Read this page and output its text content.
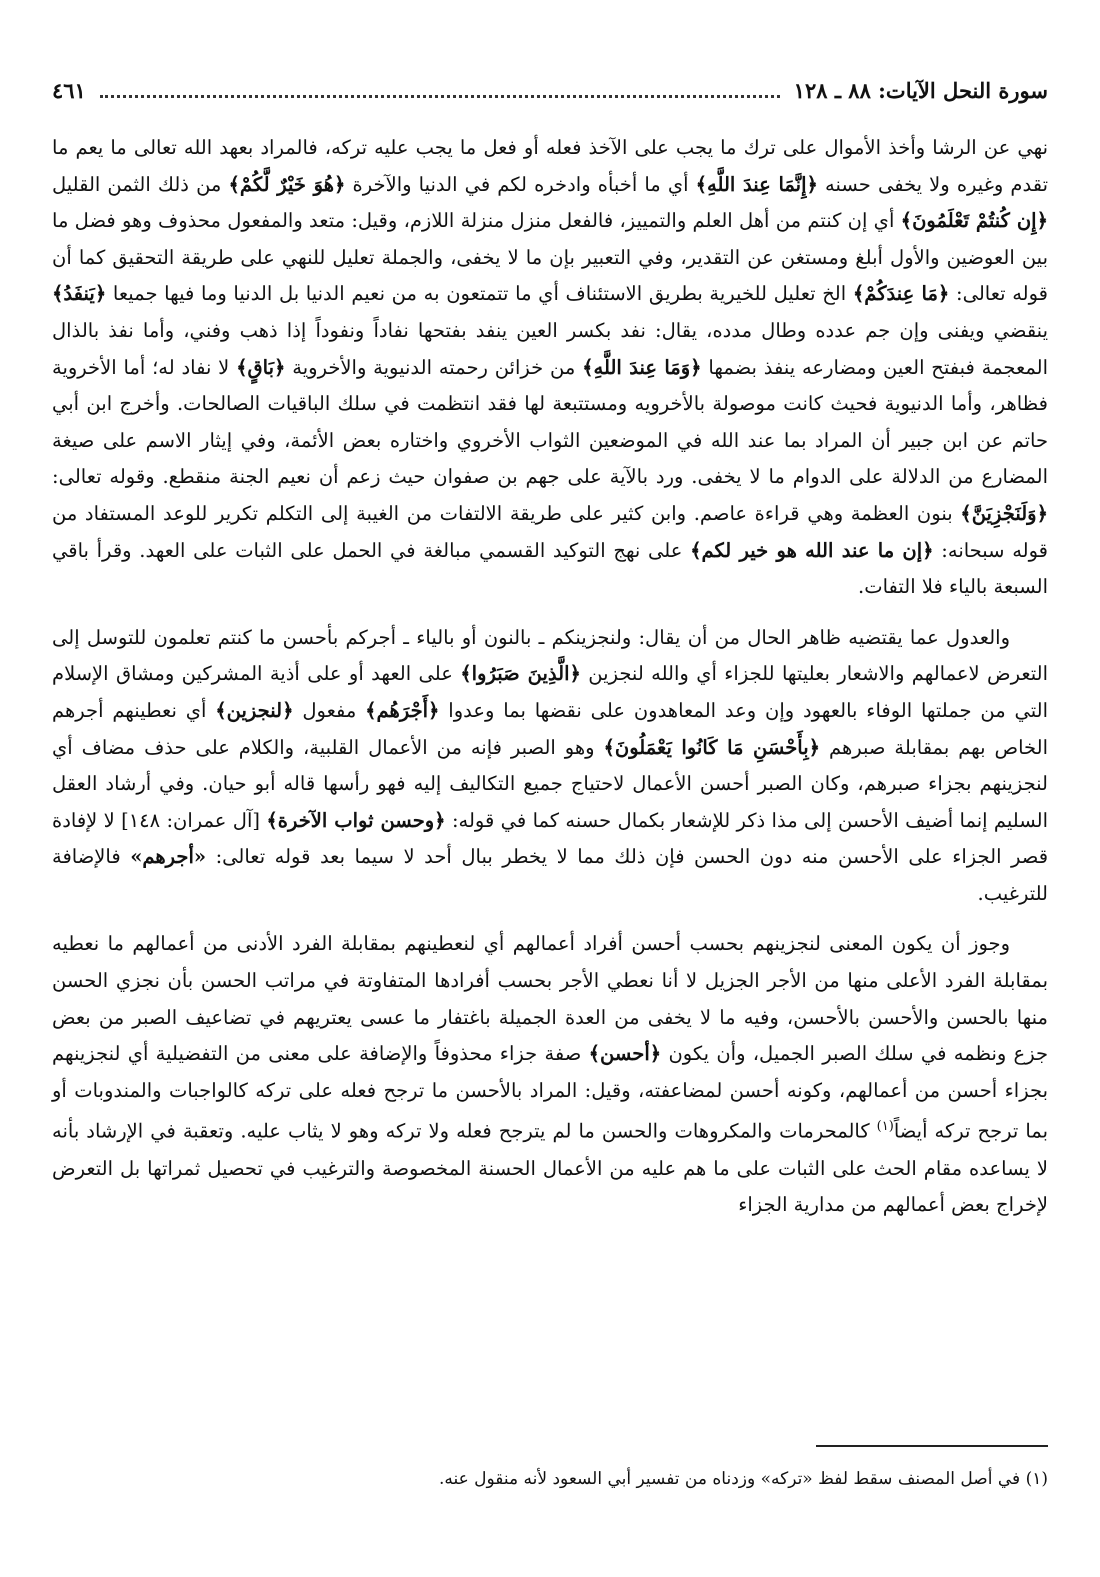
سورة النحل الآيات: ٨٨ ـ ١٢٨
٤٦١

نهي عن الرشا وأخذ الأموال على ترك ما يجب على الآخذ فعله أو فعل ما يجب عليه تركه، فالمراد بعهد الله تعالى ما يعم ما تقدم وغيره ولا يخفى حسنه ﴿إِنَّمَا عِندَ اللَّهِ﴾ أي ما أخبأه وادخره لكم في الدنيا والآخرة ﴿هُوَ خَيْرٌ لَّكُمْ﴾ من ذلك الثمن القليل ﴿إِن كُنتُمْ تَعْلَمُونَ﴾ أي إن كنتم من أهل العلم والتمييز، فالفعل منزل منزلة اللازم، وقيل: متعد والمفعول محذوف وهو فضل ما بين العوضين والأول أبلغ ومستغن عن التقدير، وفي التعبير بإن ما لا يخفى، والجملة تعليل للنهي على طريقة التحقيق كما أن قوله تعالى: ﴿مَا عِندَكُمْ﴾ الخ تعليل للخيرية بطريق الاستئناف أي ما تتمتعون به من نعيم الدنيا بل الدنيا وما فيها جميعا ﴿يَنفَدُ﴾ ينقضي ويفنى وإن جم عدده وطال مدده، يقال: نفد بكسر العين ينفد بفتحها نفاداً ونفوداً إذا ذهب وفني، وأما نفذ بالذال المعجمة فبفتح العين ومضارعه ينفذ بضمها ﴿وَمَا عِندَ اللَّهِ﴾ من خزائن رحمته الدنيوية والأخروية ﴿بَاقٍ﴾ لا نفاد له؛ أما الأخروية فظاهر، وأما الدنيوية فحيث كانت موصولة بالأخرويه ومستتبعة لها فقد انتظمت في سلك الباقيات الصالحات. وأخرج ابن أبي حاتم عن ابن جبير أن المراد بما عند الله في الموضعين الثواب الأخروي واختاره بعض الأئمة، وفي إيثار الاسم على صيغة المضارع من الدلالة على الدوام ما لا يخفى. ورد بالآية على جهم بن صفوان حيث زعم أن نعيم الجنة منقطع. وقوله تعالى: ﴿وَلَنَجْزِيَنَّ﴾ بنون العظمة وهي قراءة عاصم. وابن كثير على طريقة الالتفات من الغيبة إلى التكلم تكرير للوعد المستفاد من قوله سبحانه: ﴿إن ما عند الله هو خير لكم﴾ على نهج التوكيد القسمي مبالغة في الحمل على الثبات على العهد. وقرأ باقي السبعة بالياء فلا التفات.

والعدول عما يقتضيه ظاهر الحال من أن يقال: ولنجزينكم ـ بالنون أو بالياء ـ أجركم بأحسن ما كنتم تعلمون للتوسل إلى التعرض لاعمالهم والاشعار بعليتها للجزاء أي والله لنجزين ﴿الَّذِينَ صَبَرُوا﴾ على العهد أو على أذية المشركين ومشاق الإسلام التي من جملتها الوفاء بالعهود وإن وعد المعاهدون على نقضها بما وعدوا ﴿أَجْرَهُم﴾ مفعول ﴿لنجزين﴾ أي نعطينهم أجرهم الخاص بهم بمقابلة صبرهم ﴿بِأَحْسَنِ مَا كَانُوا يَعْمَلُونَ﴾ وهو الصبر فإنه من الأعمال القلبية، والكلام على حذف مضاف أي لنجزينهم بجزاء صبرهم، وكان الصبر أحسن الأعمال لاحتياج جميع التكاليف إليه فهو رأسها قاله أبو حيان. وفي أرشاد العقل السليم إنما أضيف الأحسن إلى مذا ذكر للإشعار بكمال حسنه كما في قوله: ﴿وحسن ثواب الآخرة﴾ [آل عمران: ١٤٨] لا لإفادة قصر الجزاء على الأحسن منه دون الحسن فإن ذلك مما لا يخطر ببال أحد لا سيما بعد قوله تعالى: «أجرهم» فالإضافة للترغيب.

وجوز أن يكون المعنى لنجزينهم بحسب أحسن أفراد أعمالهم أي لنعطينهم بمقابلة الفرد الأدنى من أعمالهم ما نعطيه بمقابلة الفرد الأعلى منها من الأجر الجزيل لا أنا نعطي الأجر بحسب أفرادها المتفاوتة في مراتب الحسن بأن نجزي الحسن منها بالحسن والأحسن بالأحسن، وفيه ما لا يخفى من العدة الجميلة باغتفار ما عسى يعتريهم في تضاعيف الصبر من بعض جزع ونظمه في سلك الصبر الجميل، وأن يكون ﴿أحسن﴾ صفة جزاء محذوفاً والإضافة على معنى من التفضيلية أي لنجزينهم بجزاء أحسن من أعمالهم، وكونه أحسن لمضاعفته، وقيل: المراد بالأحسن ما ترجح فعله على تركه كالواجبات والمندوبات أو بما ترجح تركه أيضاً$^{(١)}$ كالمحرمات والمكروهات والحسن ما لم يترجح فعله ولا تركه وهو لا يثاب عليه. وتعقبة في الإرشاد بأنه لا يساعده مقام الحث على الثبات على ما هم عليه من الأعمال الحسنة المخصوصة والترغيب في تحصيل ثمراتها بل التعرض لإخراج بعض أعمالهم من مدارية الجزاء

(١) في أصل المصنف سقط لفظ «تركه» وزدناه من تفسير أبي السعود لأنه منقول عنه.
